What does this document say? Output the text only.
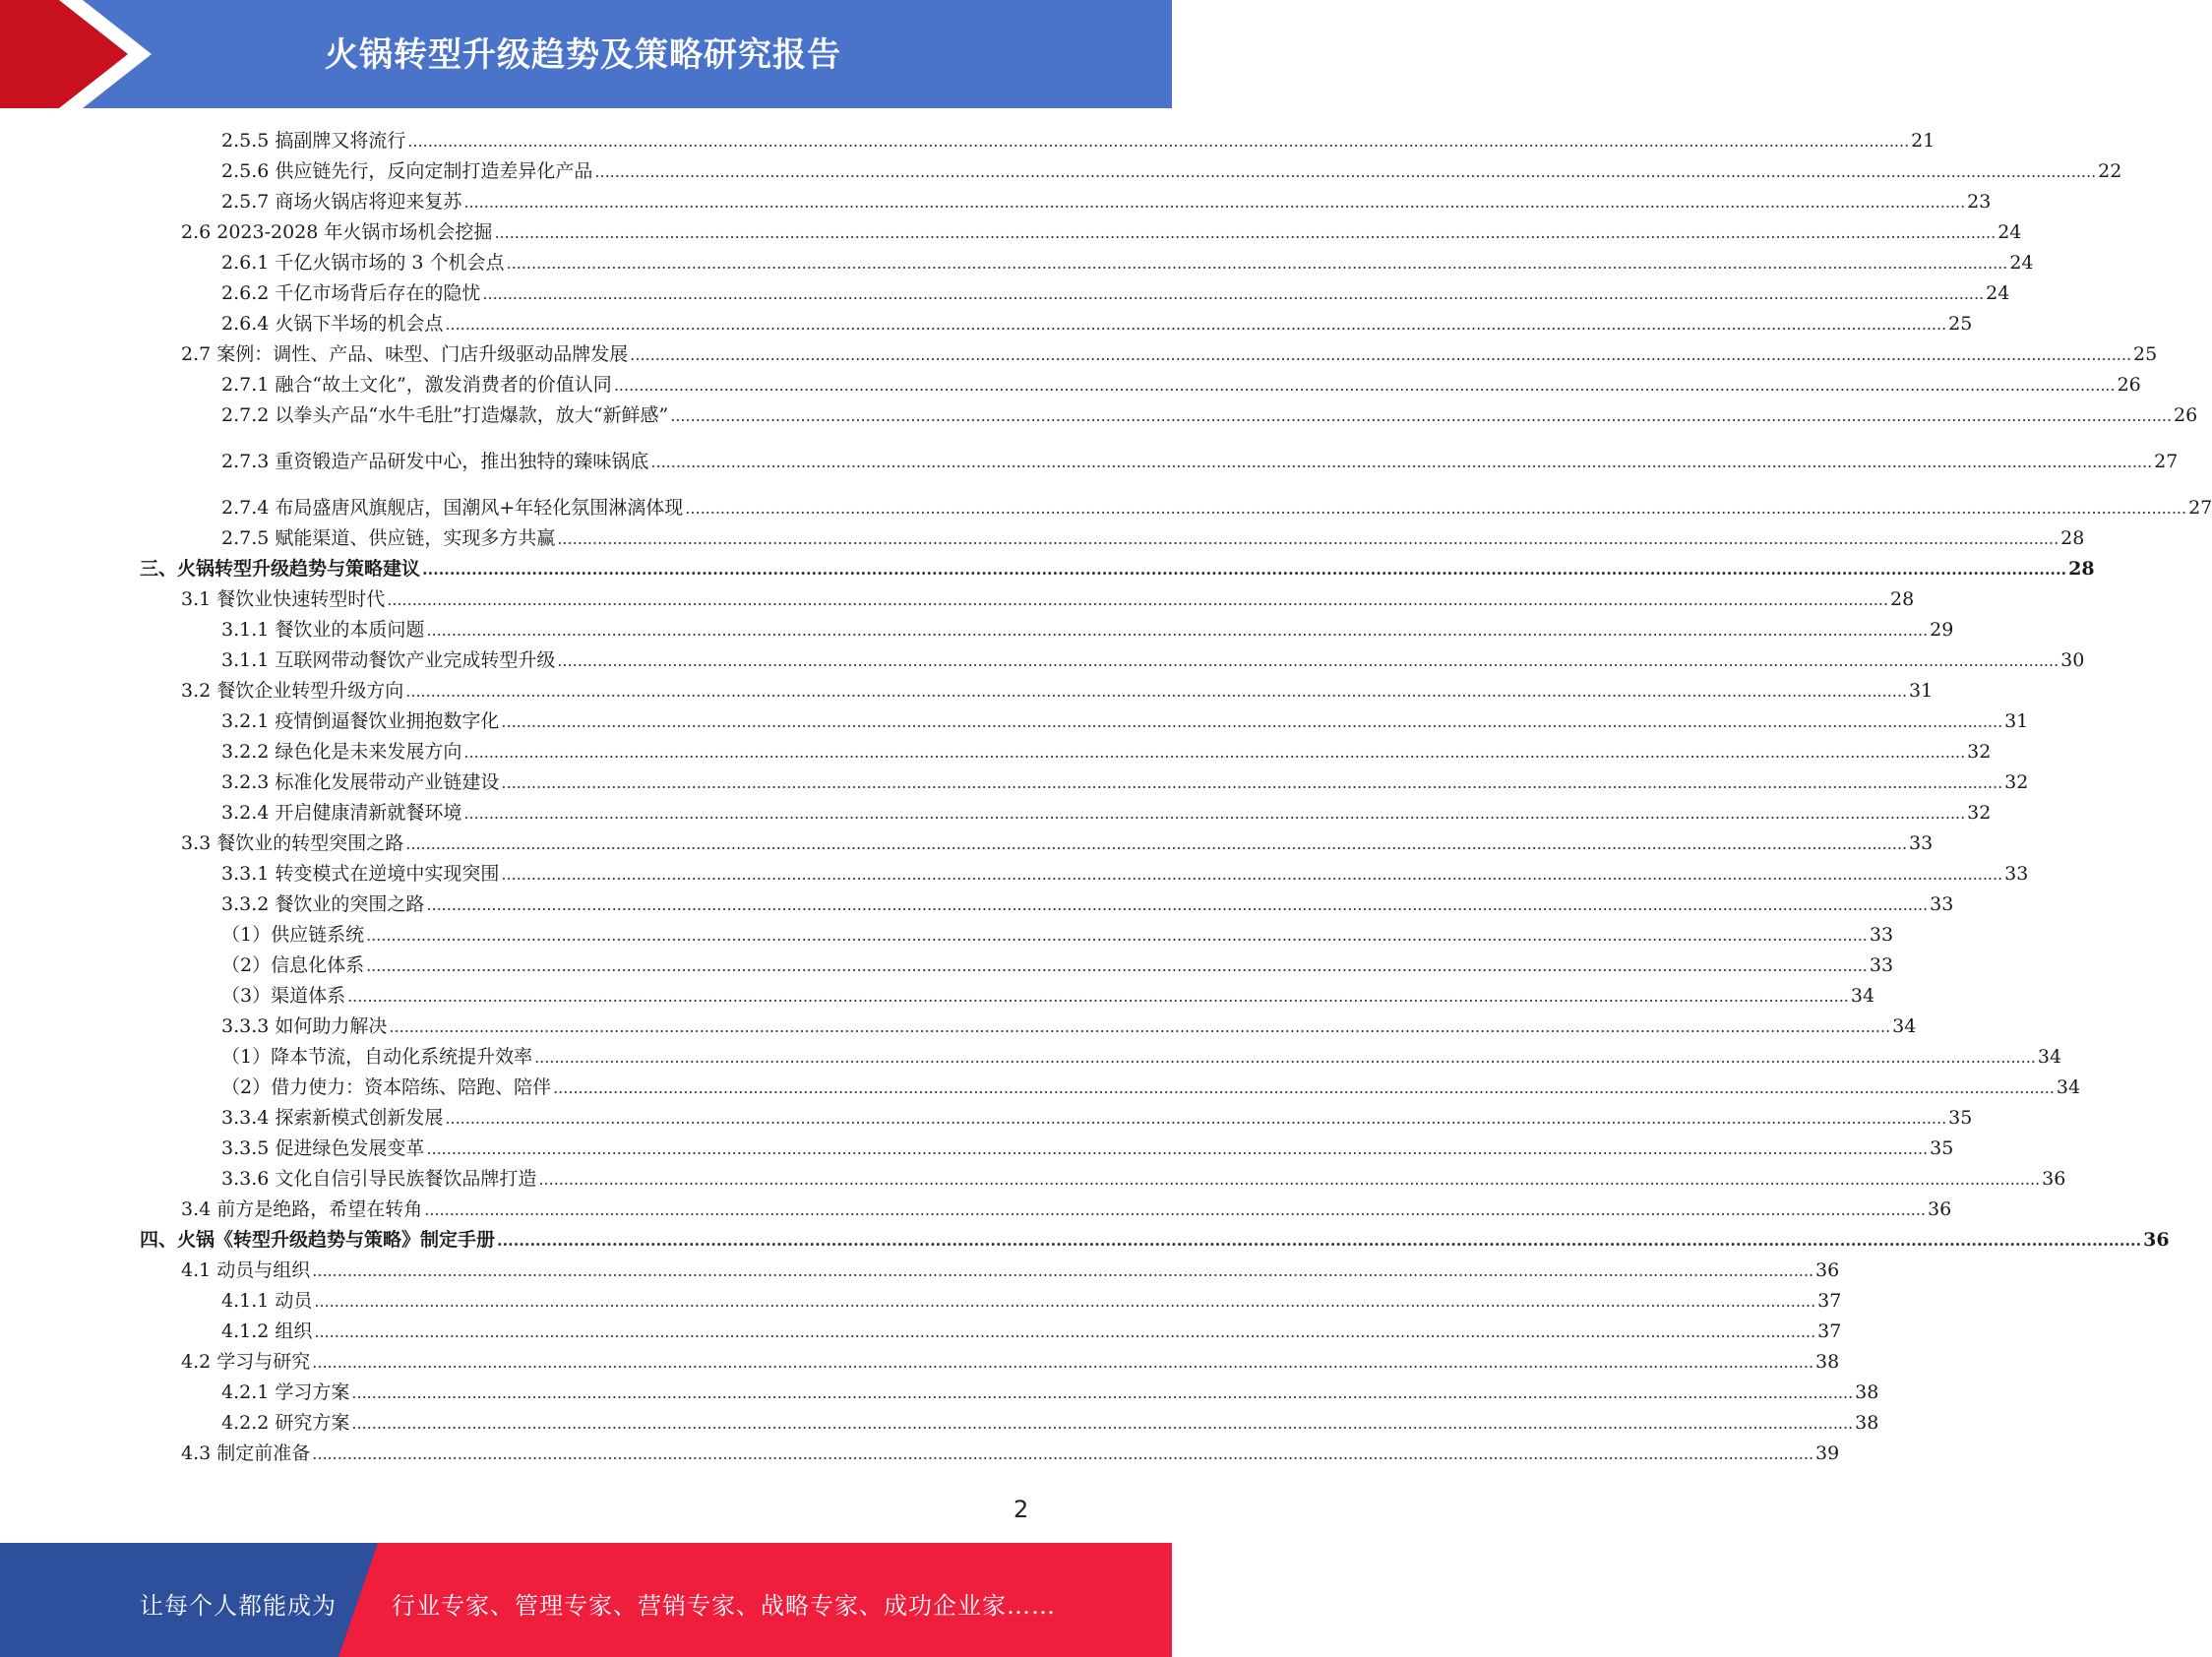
火锅转型升级趋势及策略研究报告
2.5.5 搞副牌又将流行 ............................................................................................................................................................................................................................................................................................................ 21
2.5.6 供应链先行，反向定制打造差异化产品 ............................................................................................................................................................................................................................................................................................................ 22
2.5.7 商场火锅店将迎来复苏 ............................................................................................................................................................................................................................................................................................................ 23
2.6 2023-2028 年火锅市场机会挖掘 ............................................................................................................................................................................................................................................................................................................ 24
2.6.1 千亿火锅市场的 3 个机会点 ............................................................................................................................................................................................................................................................................................................ 24
2.6.2 千亿市场背后存在的隐忧 ............................................................................................................................................................................................................................................................................................................ 24
2.6.4 火锅下半场的机会点 ............................................................................................................................................................................................................................................................................................................ 25
2.7 案例：调性、产品、味型、门店升级驱动品牌发展 ............................................................................................................................................................................................................................................................................................................ 25
2.7.1 融合“故土文化”，激发消费者的价值认同 ............................................................................................................................................................................................................................................................................................................ 26
2.7.2 以拳头产品“水牛毛肚”打造爆款，放大“新鲜感” ............................................................................................................................................................................................................................................................................................................ 26
2.7.3 重资锻造产品研发中心，推出独特的臻味锅底 ............................................................................................................................................................................................................................................................................................................ 27
2.7.4 布局盛唐风旗舰店，国潮风+年轻化氛围淋漓体现 ............................................................................................................................................................................................................................................................................................................ 27
2.7.5 赋能渠道、供应链，实现多方共赢 ............................................................................................................................................................................................................................................................................................................ 28
三、火锅转型升级趋势与策略建议 ............................................................................................................................................................................................................................................................................................................ 28
3.1 餐饮业快速转型时代 ............................................................................................................................................................................................................................................................................................................ 28
3.1.1 餐饮业的本质问题 ............................................................................................................................................................................................................................................................................................................ 29
3.1.1 互联网带动餐饮产业完成转型升级 ............................................................................................................................................................................................................................................................................................................ 30
3.2 餐饮企业转型升级方向 ............................................................................................................................................................................................................................................................................................................ 31
3.2.1 疫情倒逼餐饮业拥抱数字化 ............................................................................................................................................................................................................................................................................................................ 31
3.2.2 绿色化是未来发展方向 ............................................................................................................................................................................................................................................................................................................ 32
3.2.3 标准化发展带动产业链建设 ............................................................................................................................................................................................................................................................................................................ 32
3.2.4 开启健康清新就餐环境 ............................................................................................................................................................................................................................................................................................................ 32
3.3 餐饮业的转型突围之路 ............................................................................................................................................................................................................................................................................................................ 33
3.3.1 转变模式在逆境中实现突围 ............................................................................................................................................................................................................................................................................................................ 33
3.3.2 餐饮业的突围之路 ............................................................................................................................................................................................................................................................................................................ 33
（1）供应链系统 ............................................................................................................................................................................................................................................................................................................ 33
（2）信息化体系 ............................................................................................................................................................................................................................................................................................................ 33
（3）渠道体系 ............................................................................................................................................................................................................................................................................................................ 34
3.3.3 如何助力解决 ............................................................................................................................................................................................................................................................................................................ 34
（1）降本节流，自动化系统提升效率 ............................................................................................................................................................................................................................................................................................................ 34
（2）借力使力：资本陪练、陪跑、陪伴 ............................................................................................................................................................................................................................................................................................................ 34
3.3.4 探索新模式创新发展 ............................................................................................................................................................................................................................................................................................................ 35
3.3.5 促进绿色发展变革 ............................................................................................................................................................................................................................................................................................................ 35
3.3.6 文化自信引导民族餐饮品牌打造 ............................................................................................................................................................................................................................................................................................................ 36
3.4 前方是绝路，希望在转角 ............................................................................................................................................................................................................................................................................................................ 36
四、火锅《转型升级趋势与策略》制定手册 ............................................................................................................................................................................................................................................................................................................ 36
4.1 动员与组织 ............................................................................................................................................................................................................................................................................................................ 36
4.1.1 动员 ............................................................................................................................................................................................................................................................................................................ 37
4.1.2 组织 ............................................................................................................................................................................................................................................................................................................ 37
4.2 学习与研究 ............................................................................................................................................................................................................................................................................................................ 38
4.2.1 学习方案 ............................................................................................................................................................................................................................................................................................................ 38
4.2.2 研究方案 ............................................................................................................................................................................................................................................................................................................ 38
4.3 制定前准备 ............................................................................................................................................................................................................................................................................................................ 39
2
让每个人都能成为 行业专家、管理专家、营销专家、战略专家、成功企业家……
